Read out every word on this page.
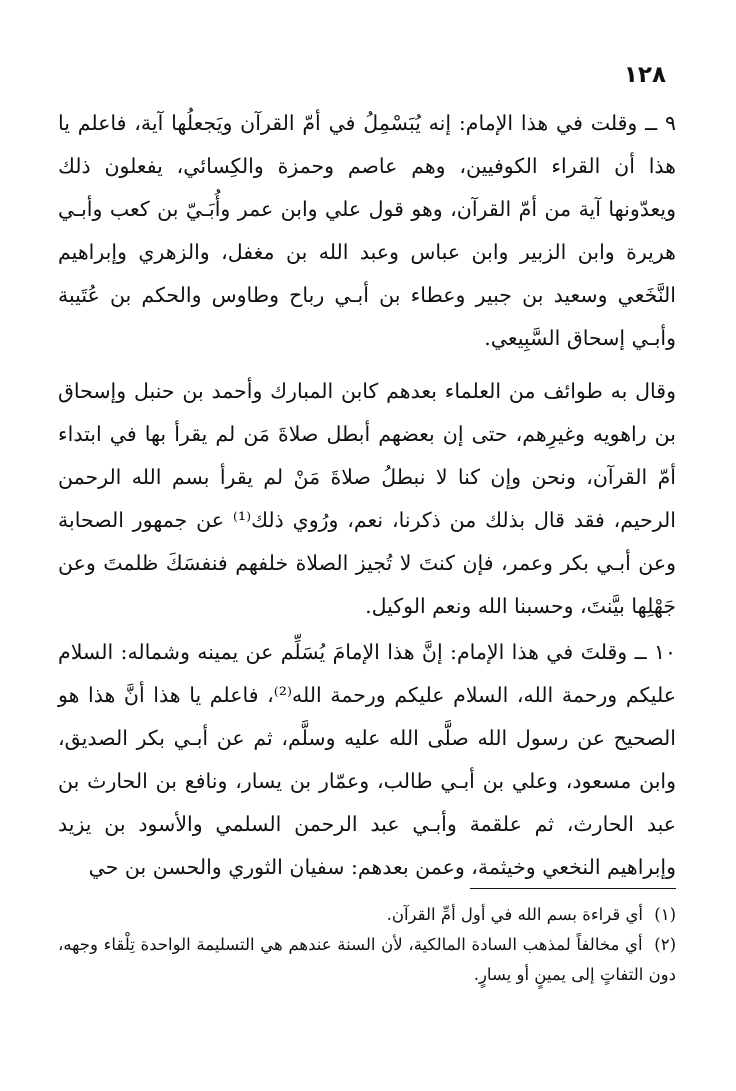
١٢٨

٩ ــ وقلت في هذا الإمام: إنه يُبَسْمِلُ في أمّ القرآن ويَجعلُها آية، فاعلم يا هذا أن القراء الكوفيين، وهم عاصم وحمزة والكِسائي، يفعلون ذلك ويعدّونها آية من أمّ القرآن، وهو قول علي وابن عمر وأُبَـيّ بن كعب وأبـي هريرة وابن الزبير وابن عباس وعبد الله بن مغفل، والزهري وإبراهيم النَّخَعي وسعيد بن جبير وعطاء بن أبـي رباح وطاوس والحكم بن عُتَيبة وأبـي إسحاق السَّبِيعي.

وقال به طوائف من العلماء بعدهم كابن المبارك وأحمد بن حنبل وإسحاق بن راهويه وغيرِهم، حتى إن بعضهم أبطل صلاةَ مَن لم يقرأ بها في ابتداء أمّ القرآن، ونحن وإن كنا لا نبطلُ صلاةَ مَنْ لم يقرأ بسم الله الرحمن الرحيم، فقد قال بذلك من ذكرنا، نعم، ورُوي ذلك⁽¹⁾ عن جمهور الصحابة وعن أبـي بكر وعمر، فإن كنتَ لا تُجيز الصلاة خلفهم فنفسَكَ ظلمتَ وعن جَهْلِها بيَّنتَ، وحسبنا الله ونعم الوكيل.

١٠ ــ وقلتَ في هذا الإمام: إنَّ هذا الإمامَ يُسَلِّم عن يمينه وشماله: السلام عليكم ورحمة الله، السلام عليكم ورحمة الله⁽²⁾، فاعلم يا هذا أنَّ هذا هو الصحيح عن رسول الله صلَّى الله عليه وسلَّم، ثم عن أبـي بكر الصديق، وابن مسعود، وعلي بن أبـي طالب، وعمّار بن يسار، ونافع بن الحارث بن عبد الحارث، ثم علقمة وأبـي عبد الرحمن السلمي والأسود بن يزيد وإبراهيم النخعي وخيثمة، وعمن بعدهم: سفيان الثوري والحسن بن حي

(١) أي قراءة بسم الله في أول أمِّ القرآن.

(٢) أي مخالفاً لمذهب السادة المالكية، لأن السنة عندهم هي التسليمة الواحدة تِلْقاء وجهه، دون التفاتٍ إلى يمينٍ أو يسارٍ.
